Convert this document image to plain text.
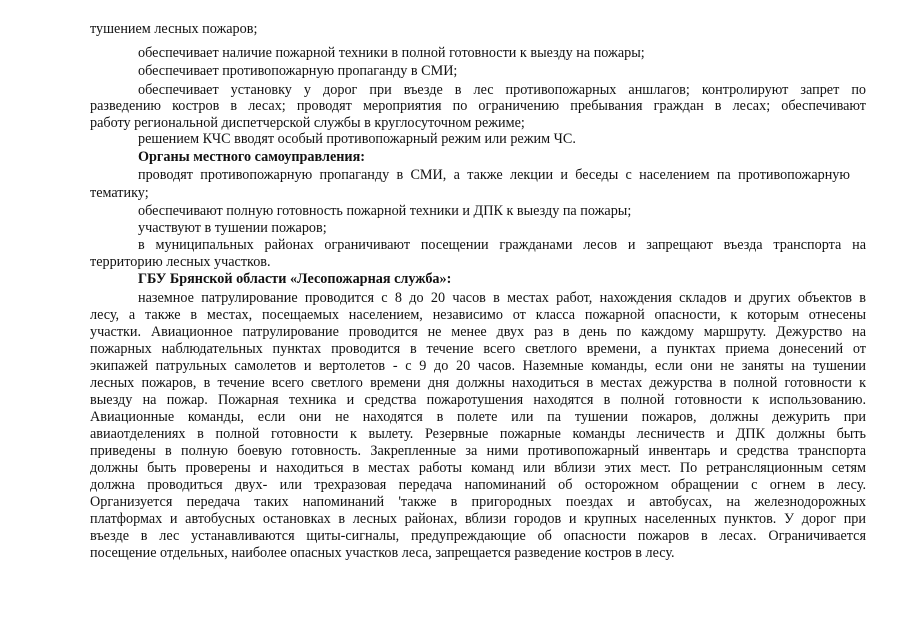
тушением лесных пожаров;
обеспечивает наличие пожарной техники в полной готовности к выезду на пожары;
обеспечивает противопожарную пропаганду в СМИ;
обеспечивает установку у дорог при въезде в лес противопожарных аншлагов; контролируют запрет по
разведению костров в лесах; проводят мероприятия по ограничению пребывания граждан в лесах; обеспечивают
работу региональной диспетчерской службы в круглосуточном режиме;
решением КЧС вводят особый противопожарный режим или режим ЧС.
Органы местного самоуправления:
проводят противопожарную пропаганду в СМИ, а также лекции и беседы с населением па противопожарную
тематику;
обеспечивают полную готовность пожарной техники и ДПК к выезду па пожары;
участвуют в тушении пожаров;
в муниципальных районах ограничивают посещении гражданами лесов и запрещают въезда транспорта на
территорию лесных участков.
ГБУ Брянской области «Лесопожарная служба»:
наземное патрулирование проводится с 8 до 20 часов в местах работ, нахождения складов и других объектов в
лесу, а также в местах, посещаемых населением, независимо от класса пожарной опасности, к которым отнесены
участки. Авиационное патрулирование проводится не менее двух раз в день по каждому маршруту. Дежурство на
пожарных наблюдательных пунктах проводится в течение всего светлого времени, а пунктах приема донесений от
экипажей патрульных самолетов и вертолетов - с 9 до 20 часов. Наземные команды, если они не заняты на тушении
лесных пожаров, в течение всего светлого времени дня должны находиться в местах дежурства в полной готовности к
выезду на пожар. Пожарная техника и средства пожаротушения находятся в полной готовности к использованию.
Авиационные команды, если они не находятся в полете или па тушении пожаров, должны дежурить при
авиаотделениях в полной готовности к вылету. Резервные пожарные команды лесничеств и ДПК должны быть
приведены в полную боевую готовность. Закрепленные за ними противопожарный инвентарь и средства транспорта
должны быть проверены и находиться в местах работы команд или вблизи этих мест. По ретрансляционным сетям
должна проводиться двух- или трехразовая передача напоминаний об осторожном обращении с огнем в лесу.
Организуется передача таких напоминаний 'также в пригородных поездах и автобусах, на железнодорожных
платформах и автобусных остановках в лесных районах, вблизи городов и крупных населенных пунктов. У дорог при
въезде в лес устанавливаются щиты-сигналы, предупреждающие об опасности пожаров в лесах. Ограничивается
посещение отдельных, наиболее опасных участков леса, запрещается разведение костров в лесу.
